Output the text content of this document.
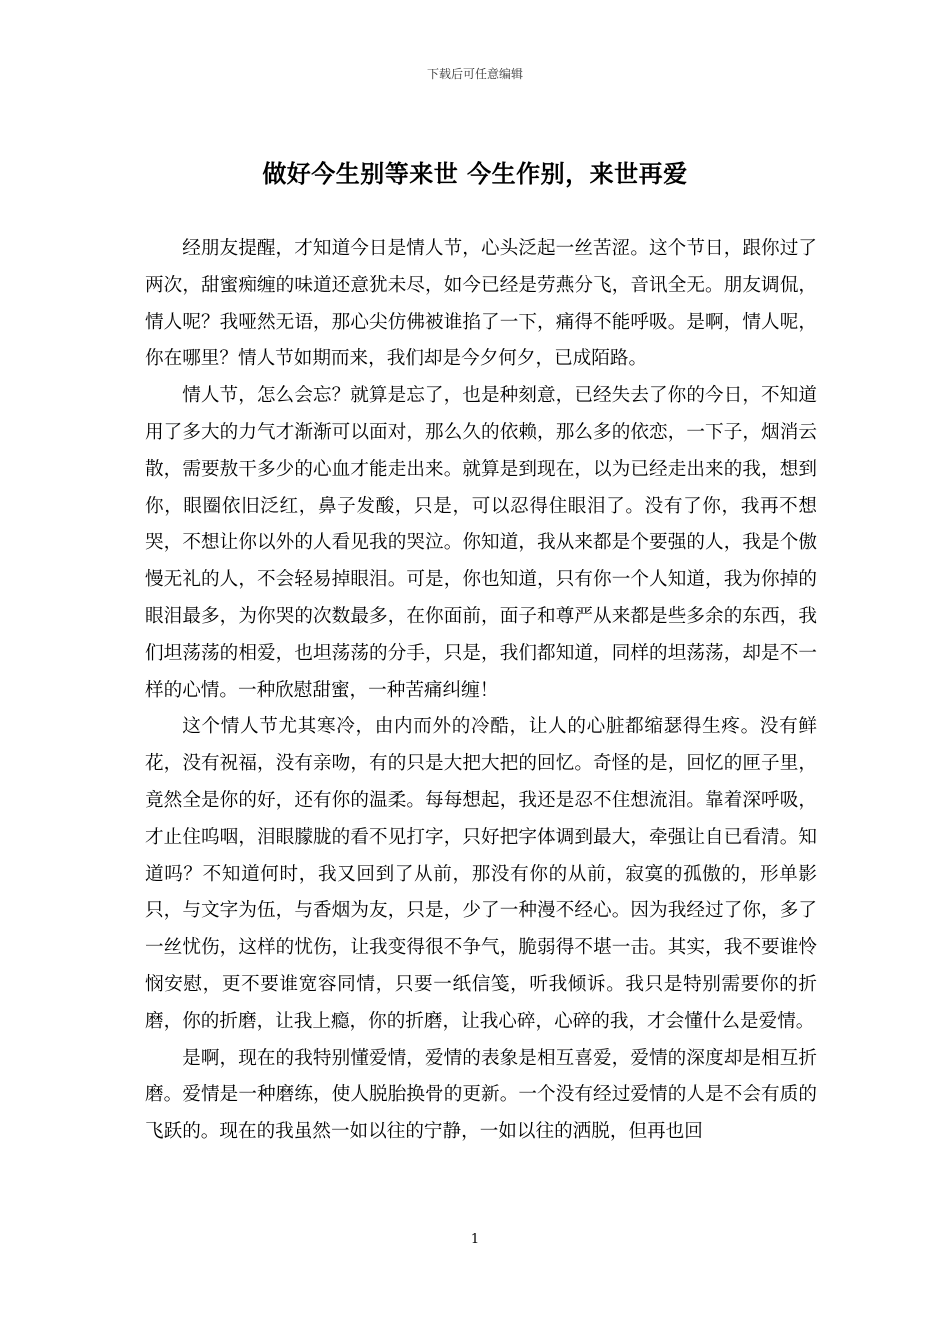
下载后可任意编辑
做好今生别等来世 今生作别，来世再爱

经朋友提醒，才知道今日是情人节，心头泛起一丝苦涩。这个节日，跟你过了两次，甜蜜痴缠的味道还意犹未尽，如今已经是劳燕分飞，音讯全无。朋友调侃，情人呢？我哑然无语，那心尖仿佛被谁掐了一下，痛得不能呼吸。是啊，情人呢，你在哪里？情人节如期而来，我们却是今夕何夕，已成陌路。

情人节，怎么会忘？就算是忘了，也是种刻意，已经失去了你的今日，不知道用了多大的力气才渐渐可以面对，那么久的依赖，那么多的依恋，一下子，烟消云散，需要敖干多少的心血才能走出来。就算是到现在，以为已经走出来的我，想到你，眼圈依旧泛红，鼻子发酸，只是，可以忍得住眼泪了。没有了你，我再不想哭，不想让你以外的人看见我的哭泣。你知道，我从来都是个要强的人，我是个傲慢无礼的人，不会轻易掉眼泪。可是，你也知道，只有你一个人知道，我为你掉的眼泪最多，为你哭的次数最多，在你面前，面子和尊严从来都是些多余的东西，我们坦荡荡的相爱，也坦荡荡的分手，只是，我们都知道，同样的坦荡荡，却是不一样的心情。一种欣慰甜蜜，一种苦痛纠缠！

这个情人节尤其寒冷，由内而外的冷酷，让人的心脏都缩瑟得生疼。没有鲜花，没有祝福，没有亲吻，有的只是大把大把的回忆。奇怪的是，回忆的匣子里，竟然全是你的好，还有你的温柔。每每想起，我还是忍不住想流泪。靠着深呼吸，才止住呜咽，泪眼朦胧的看不见打字，只好把字体调到最大，牵强让自已看清。知道吗？不知道何时，我又回到了从前，那没有你的从前，寂寞的孤傲的，形单影只，与文字为伍，与香烟为友，只是，少了一种漫不经心。因为我经过了你，多了一丝忧伤，这样的忧伤，让我变得很不争气，脆弱得不堪一击。其实，我不要谁怜悯安慰，更不要谁宽容同情，只要一纸信笺，听我倾诉。我只是特别需要你的折磨，你的折磨，让我上瘾，你的折磨，让我心碎，心碎的我，才会懂什么是爱情。

是啊，现在的我特别懂爱情，爱情的表象是相互喜爱，爱情的深度却是相互折磨。爱情是一种磨练，使人脱胎换骨的更新。一个没有经过爱情的人是不会有质的飞跃的。现在的我虽然一如以往的宁静，一如以往的洒脱，但再也回

1
